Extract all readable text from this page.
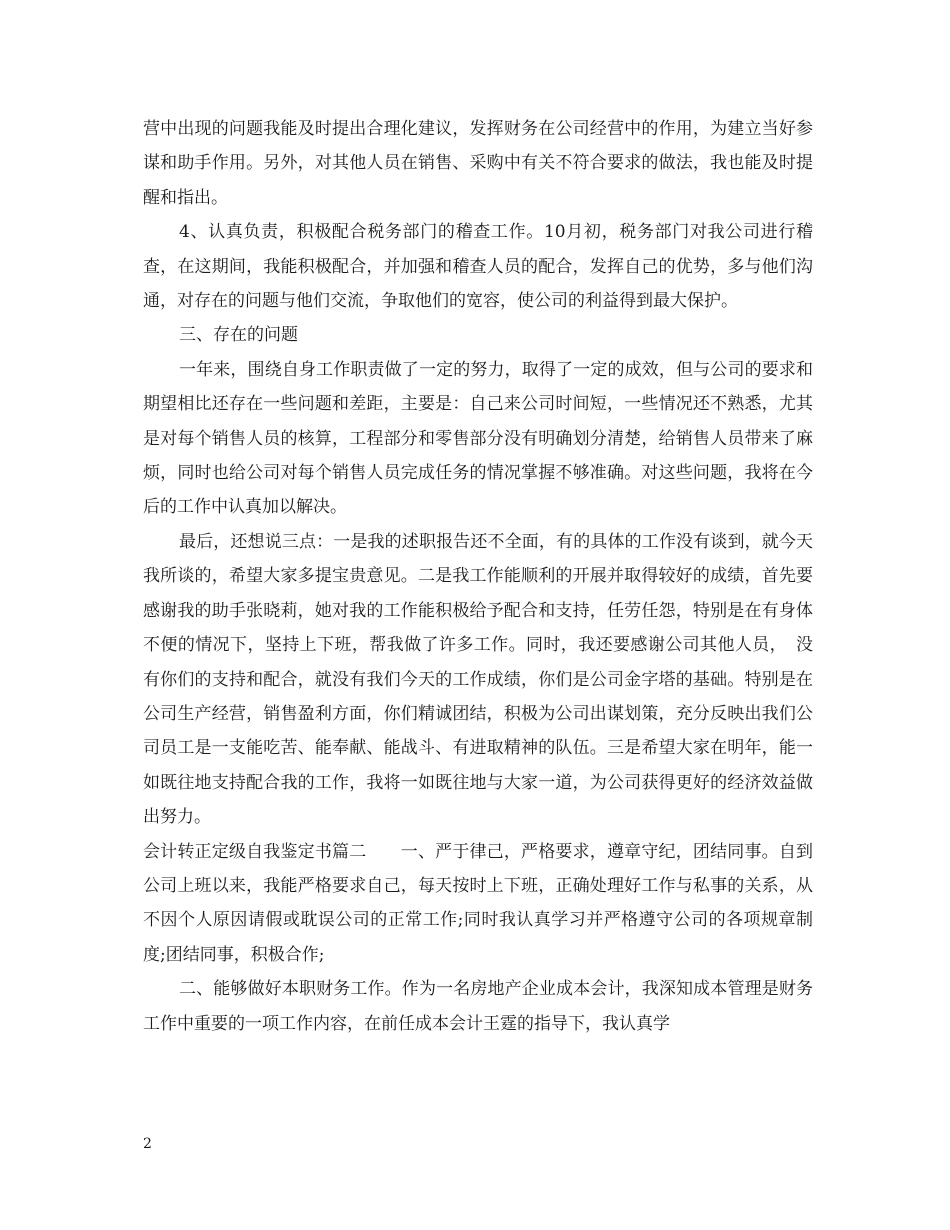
营中出现的问题我能及时提出合理化建议，发挥财务在公司经营中的作用，为建立当好参谋和助手作用。另外，对其他人员在销售、采购中有关不符合要求的做法，我也能及时提醒和指出。

4、认真负责，积极配合税务部门的稽查工作。10月初，税务部门对我公司进行稽查，在这期间，我能积极配合，并加强和稽查人员的配合，发挥自己的优势，多与他们沟通，对存在的问题与他们交流，争取他们的宽容，使公司的利益得到最大保护。

三、存在的问题

一年来，围绕自身工作职责做了一定的努力，取得了一定的成效，但与公司的要求和期望相比还存在一些问题和差距，主要是：自己来公司时间短，一些情况还不熟悉，尤其是对每个销售人员的核算，工程部分和零售部分没有明确划分清楚，给销售人员带来了麻烦，同时也给公司对每个销售人员完成任务的情况掌握不够准确。对这些问题，我将在今后的工作中认真加以解决。

最后，还想说三点：一是我的述职报告还不全面，有的具体的工作没有谈到，就今天我所谈的，希望大家多提宝贵意见。二是我工作能顺利的开展并取得较好的成绩，首先要感谢我的助手张晓莉，她对我的工作能积极给予配合和支持，任劳任怨，特别是在有身体不便的情况下，坚持上下班，帮我做了许多工作。同时，我还要感谢公司其他人员，　没有你们的支持和配合，就没有我们今天的工作成绩，你们是公司金字塔的基础。特别是在公司生产经营，销售盈利方面，你们精诚团结，积极为公司出谋划策，充分反映出我们公司员工是一支能吃苦、能奉献、能战斗、有进取精神的队伍。三是希望大家在明年，能一如既往地支持配合我的工作，我将一如既往地与大家一道，为公司获得更好的经济效益做出努力。

会计转正定级自我鉴定书篇二　　一、严于律己，严格要求，遵章守纪，团结同事。自到公司上班以来，我能严格要求自己，每天按时上下班，正确处理好工作与私事的关系，从不因个人原因请假或耽误公司的正常工作;同时我认真学习并严格遵守公司的各项规章制度;团结同事，积极合作;

二、能够做好本职财务工作。作为一名房地产企业成本会计，我深知成本管理是财务工作中重要的一项工作内容，在前任成本会计王霆的指导下，我认真学

2
